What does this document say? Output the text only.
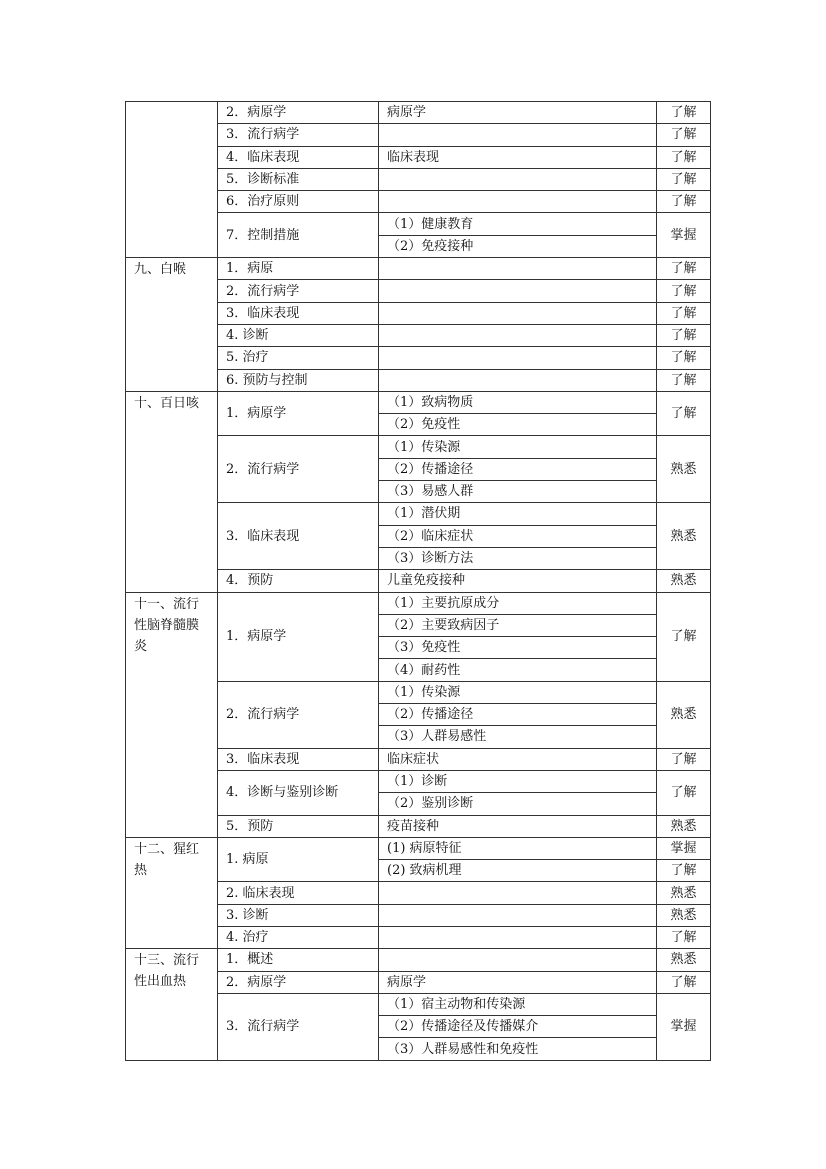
	2．病原学	病原学	了解
	3．流行病学		了解
	4．临床表现	临床表现	了解
	5．诊断标准		了解
	6．治疗原则		了解
	7．控制措施	（1）健康教育	掌握
		（2）免疫接种	
九、白喉	1．病原		了解
	2．流行病学		了解
	3．临床表现		了解
	4. 诊断		了解
	5. 治疗		了解
	6. 预防与控制		了解
十、百日咳	1．病原学	（1）致病物质	了解
		（2）免疫性	
	2．流行病学	（1）传染源	熟悉
		（2）传播途径	
		（3）易感人群	
	3．临床表现	（1）潜伏期	熟悉
		（2）临床症状	
		（3）诊断方法	
	4．预防	儿童免疫接种	熟悉
十一、流行性脑脊髓膜炎	1．病原学	（1）主要抗原成分	了解
		（2）主要致病因子	
		（3）免疫性	
		（4）耐药性	
	2．流行病学	（1）传染源	熟悉
		（2）传播途径	
		（3）人群易感性	
	3．临床表现	临床症状	了解
	4．诊断与鉴别诊断	（1）诊断	了解
		（2）鉴别诊断	
	5．预防	疫苗接种	熟悉
十二、猩红热	1. 病原	(1) 病原特征	掌握
		(2) 致病机理	了解
	2. 临床表现		熟悉
	3. 诊断		熟悉
	4. 治疗		了解
十三、流行性出血热	1．概述		熟悉
	2．病原学	病原学	了解
	3．流行病学	（1）宿主动物和传染源	掌握
		（2）传播途径及传播媒介	
		（3）人群易感性和免疫性	
